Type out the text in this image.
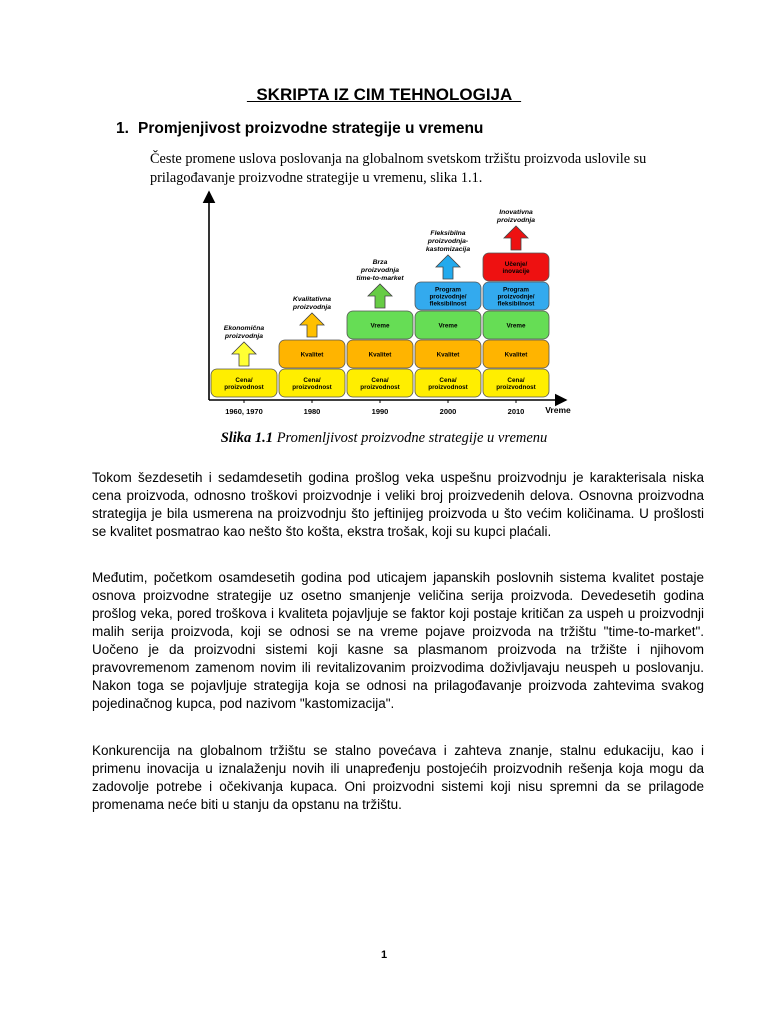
SKRIPTA IZ CIM TEHNOLOGIJA
1. Promjenjivost proizvodne strategije u vremenu
Česte promene uslova poslovanja na globalnom svetskom tržištu proizvoda uslovile su prilagođavanje proizvodne strategije u vremenu, slika 1.1.
Vreme
1960, 1970
Cena/
proizvodnost
Ekonomična
proizvodnja
1980
Cena/
proizvodnost
Kvalitet
Kvalitativna
proizvodnja
1990
Cena/
proizvodnost
Kvalitet
Vreme
Brza
proizvodnja
time-to-market
2000
Cena/
proizvodnost
Kvalitet
Vreme
Program
proizvodnje/
fleksibilnost
Fleksibilna
proizvodnja-
kastomizacija
2010
Cena/
proizvodnost
Kvalitet
Vreme
Program
proizvodnje/
fleksibilnost
Učenje/
inovacije
Inovativna
proizvodnja
Slika 1.1 Promenljivost proizvodne strategije u vremenu
Tokom šezdesetih i sedamdesetih godina prošlog veka uspešnu proizvodnju je karakterisala niska cena proizvoda, odnosno troškovi proizvodnje i veliki broj proizvedenih delova. Osnovna proizvodna strategija je bila usmerena na proizvodnju što jeftinijeg proizvoda u što većim količinama. U prošlosti se kvalitet posmatrao kao nešto što košta, ekstra trošak, koji su kupci plaćali.
Međutim, početkom osamdesetih godina pod uticajem japanskih poslovnih sistema kvalitet postaje osnova proizvodne strategije uz osetno smanjenje veličina serija proizvoda. Devedesetih godina prošlog veka, pored troškova i kvaliteta pojavljuje se faktor koji postaje kritičan za uspeh u proizvodnji malih serija proizvoda, koji se odnosi se na vreme pojave proizvoda na tržištu "time-to-market". Uočeno je da proizvodni sistemi koji kasne sa plasmanom proizvoda na tržište i njihovom pravovremenom zamenom novim ili revitalizovanim proizvodima doživljavaju neuspeh u poslovanju. Nakon toga se pojavljuje strategija koja se odnosi na prilagođavanje proizvoda zahtevima svakog pojedinačnog kupca, pod nazivom "kastomizacija".
Konkurencija na globalnom tržištu se stalno povećava i zahteva znanje, stalnu edukaciju, kao i primenu inovacija u iznalaženju novih ili unapređenju postojećih proizvodnih rešenja koja mogu da zadovolje potrebe i očekivanja kupaca. Oni proizvodni sistemi koji nisu spremni da se prilagode promenama neće biti u stanju da opstanu na tržištu.
1
